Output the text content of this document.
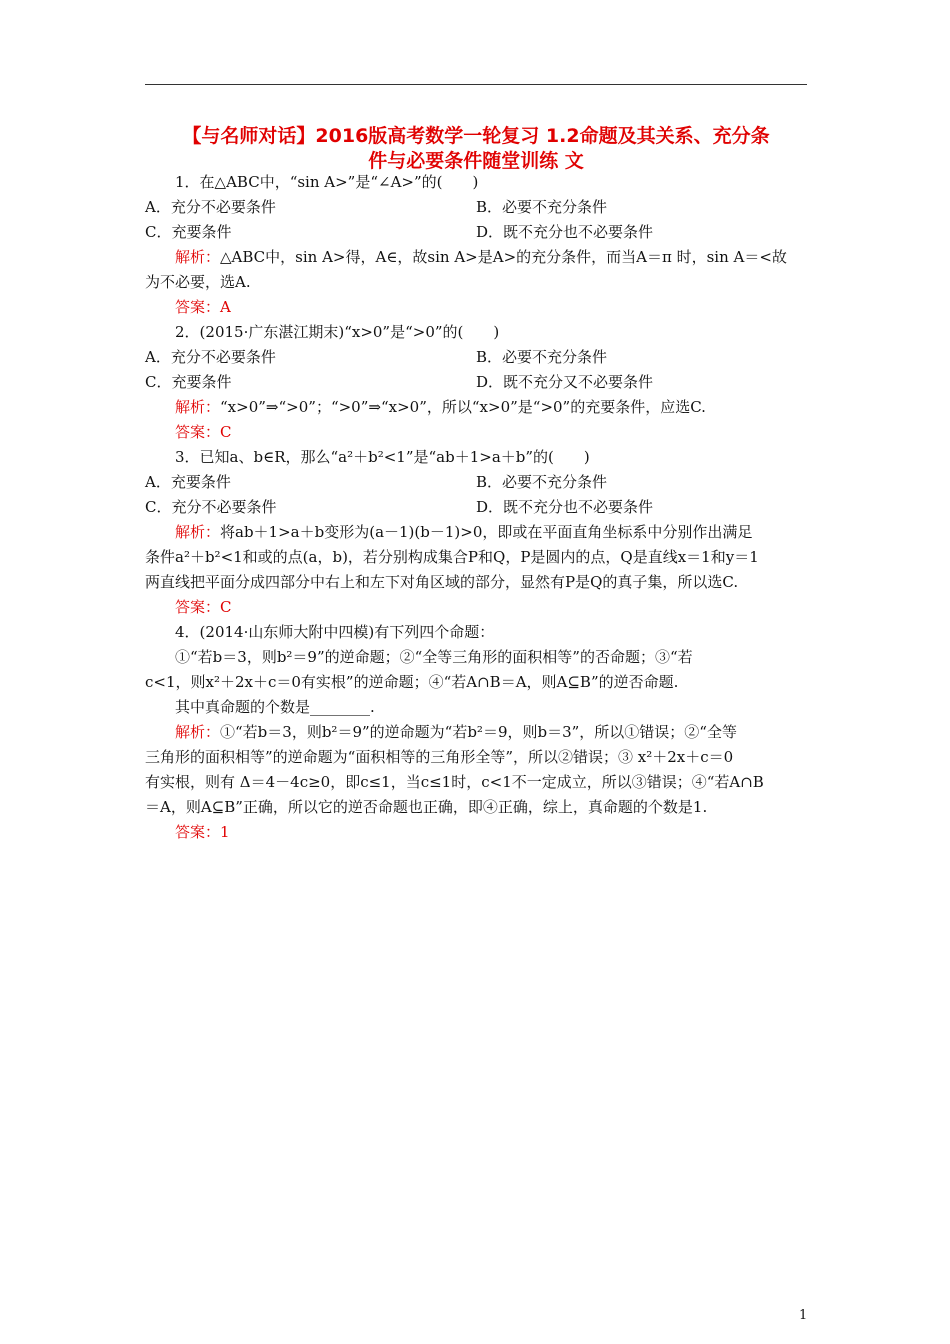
【与名师对话】2016版高考数学一轮复习 1.2命题及其关系、充分条
件与必要条件随堂训练 文
1．在△ABC中，“sin A>”是“∠A>”的(　　)
A．充分不必要条件	B．必要不充分条件
C．充要条件	D．既不充分也不必要条件
解析：△ABC中，sin A>得，A∈，故sin A>是A>的充分条件，而当A＝π 时，sin A＝<故
为不必要，选A.
答案：A
2．(2015·广东湛江期末)“x>0”是“>0”的(　　)
A．充分不必要条件	B．必要不充分条件
C．充要条件	D．既不充分又不必要条件
解析：“x>0”⇒“>0”；“>0”⇒“x>0”，所以“x>0”是“>0”的充要条件，应选C.
答案：C
3．已知a、b∈R，那么“a²＋b²<1”是“ab＋1>a＋b”的(　　)
A．充要条件	B．必要不充分条件
C．充分不必要条件	D．既不充分也不必要条件
解析：将ab＋1>a＋b变形为(a－1)(b－1)>0，即或在平面直角坐标系中分别作出满足
条件a²＋b²<1和或的点(a，b)，若分别构成集合P和Q，P是圆内的点，Q是直线x＝1和y＝1
两直线把平面分成四部分中右上和左下对角区域的部分，显然有P是Q的真子集，所以选C.
答案：C
4．(2014·山东师大附中四模)有下列四个命题：
①“若b＝3，则b²＝9”的逆命题；②“全等三角形的面积相等”的否命题；③“若
c<1，则x²＋2x＋c＝0有实根”的逆命题；④“若A∩B＝A，则A⊆B”的逆否命题.
其中真命题的个数是________.
解析：①“若b＝3，则b²＝9”的逆命题为“若b²＝9，则b＝3”，所以①错误；②“全等
三角形的面积相等”的逆命题为“面积相等的三角形全等”，所以②错误；③ x²＋2x＋c＝0
有实根，则有 Δ＝4－4c≥0，即c≤1，当c≤1时，c<1不一定成立，所以③错误；④“若A∩B
＝A，则A⊆B”正确，所以它的逆否命题也正确，即④正确，综上，真命题的个数是1.
答案：1
1
